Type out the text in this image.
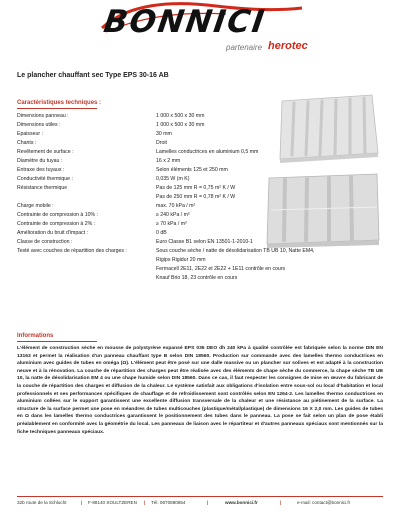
BONNICI
partenaire herotec
Le plancher chauffant sec Type EPS 30-16 AB
Caractéristiques techniques :
Dimensions panneau :	1 000 x 500 x 30 mm
Dimensions utiles :	1 000 x 500 x 30 mm
Epaisseur :	30 mm
Chants :	Droit
Revêtement de surface :	Lamelles conductrices en aluminium 0,5 mm
Diamètre du tuyau :	16 x 2 mm
Entraxe des tuyaux :	Selon éléments 125 et 250 mm
Conductivité thermique :	0,035 W (m K)
Résistance thermique	Pas de 125 mm R = 0,75 m² K / W
Pas de 250 mm R = 0,78 m² K / W
Charge mobile :	max. 70 kPa / m²
Contrainte de compression à 10% :	≥ 240 kPa / m²
Contrainte de compression à 2% :	≥ 70 kPa / m²
Amélioration du bruit d'impact :	0 dB
Classe de construction :	Euro Classe B1 selon EN 13501-1-2010-1
Testé avec couches de répartition des charges :	Sous couche sèche / natte de désolidarisation TB UB 10, Natte EM4,
Rigips Rigidur 20 mm
Fermacell 2E11, 2E22 et 2E22 + 1E11 contrôle en cours
Knauf Brio 18, 23 contrôle en cours
Informations

L'élément de construction sèche en mousse de polystyrène expansé EPS 035 DEO dh 240 kPa à qualité contrôlée est fabriquée selon la norme DIN EN 13163 et permet la réalisation d'un panneau chauffant type B selon DIN 18560. Production sur commande avec des lamelles thermo conductrices en aluminium avec guides de tubes en oméga (Ω). L'élément peut être posé sur une dalle massive ou un plancher sur solives et est adapté à la construction neuve et à la rénovation. La couche de répartition des charges peut être réalisée avec des éléments de chape sèche du commerce, la chape sèche TB UB 10, la natte de désolidarisation EM 4 ou une chape humide selon DIN 18560. Dans ce cas, il faut respecter les consignes de mise en œuvre du fabricant de la couche de répartition des charges et diffusion de la chaleur. Le système satisfait aux obligations d'isolation entre sous-sol ou local d'habitation et local professionnels et ses performances spécifiques de chauffage et de refroidissement sont contrôlés selon EN 1264-2. Les lamelles thermo conductrices en aluminium collées sur le support garantissent une excellente diffusion transversale de la chaleur et une résistance au piétinement de la surface. La structure de la surface permet une pose en méandres de tubes multicouches (plastique/métal/plastique) de dimensions 16 X 2,0 mm. Les guides de tubes en Ω dans les lamelles thermo conductrices garantissent le positionnement des tubes dans le panneau. La pose se fait selon un plan de pose établi préalablement en conformité avec la géométrie du local. Les panneaux de liaison avec le répartiteur et d'autres panneaux spéciaux sont mentionnés sur la fiche techniques panneaux spéciaux.

32b route de la Schlucht	| F-88140 SOULTZEREN | Tél. 0670880854	|	www.bonnici.fr	|	e-mail: contact@bonnici.fr
